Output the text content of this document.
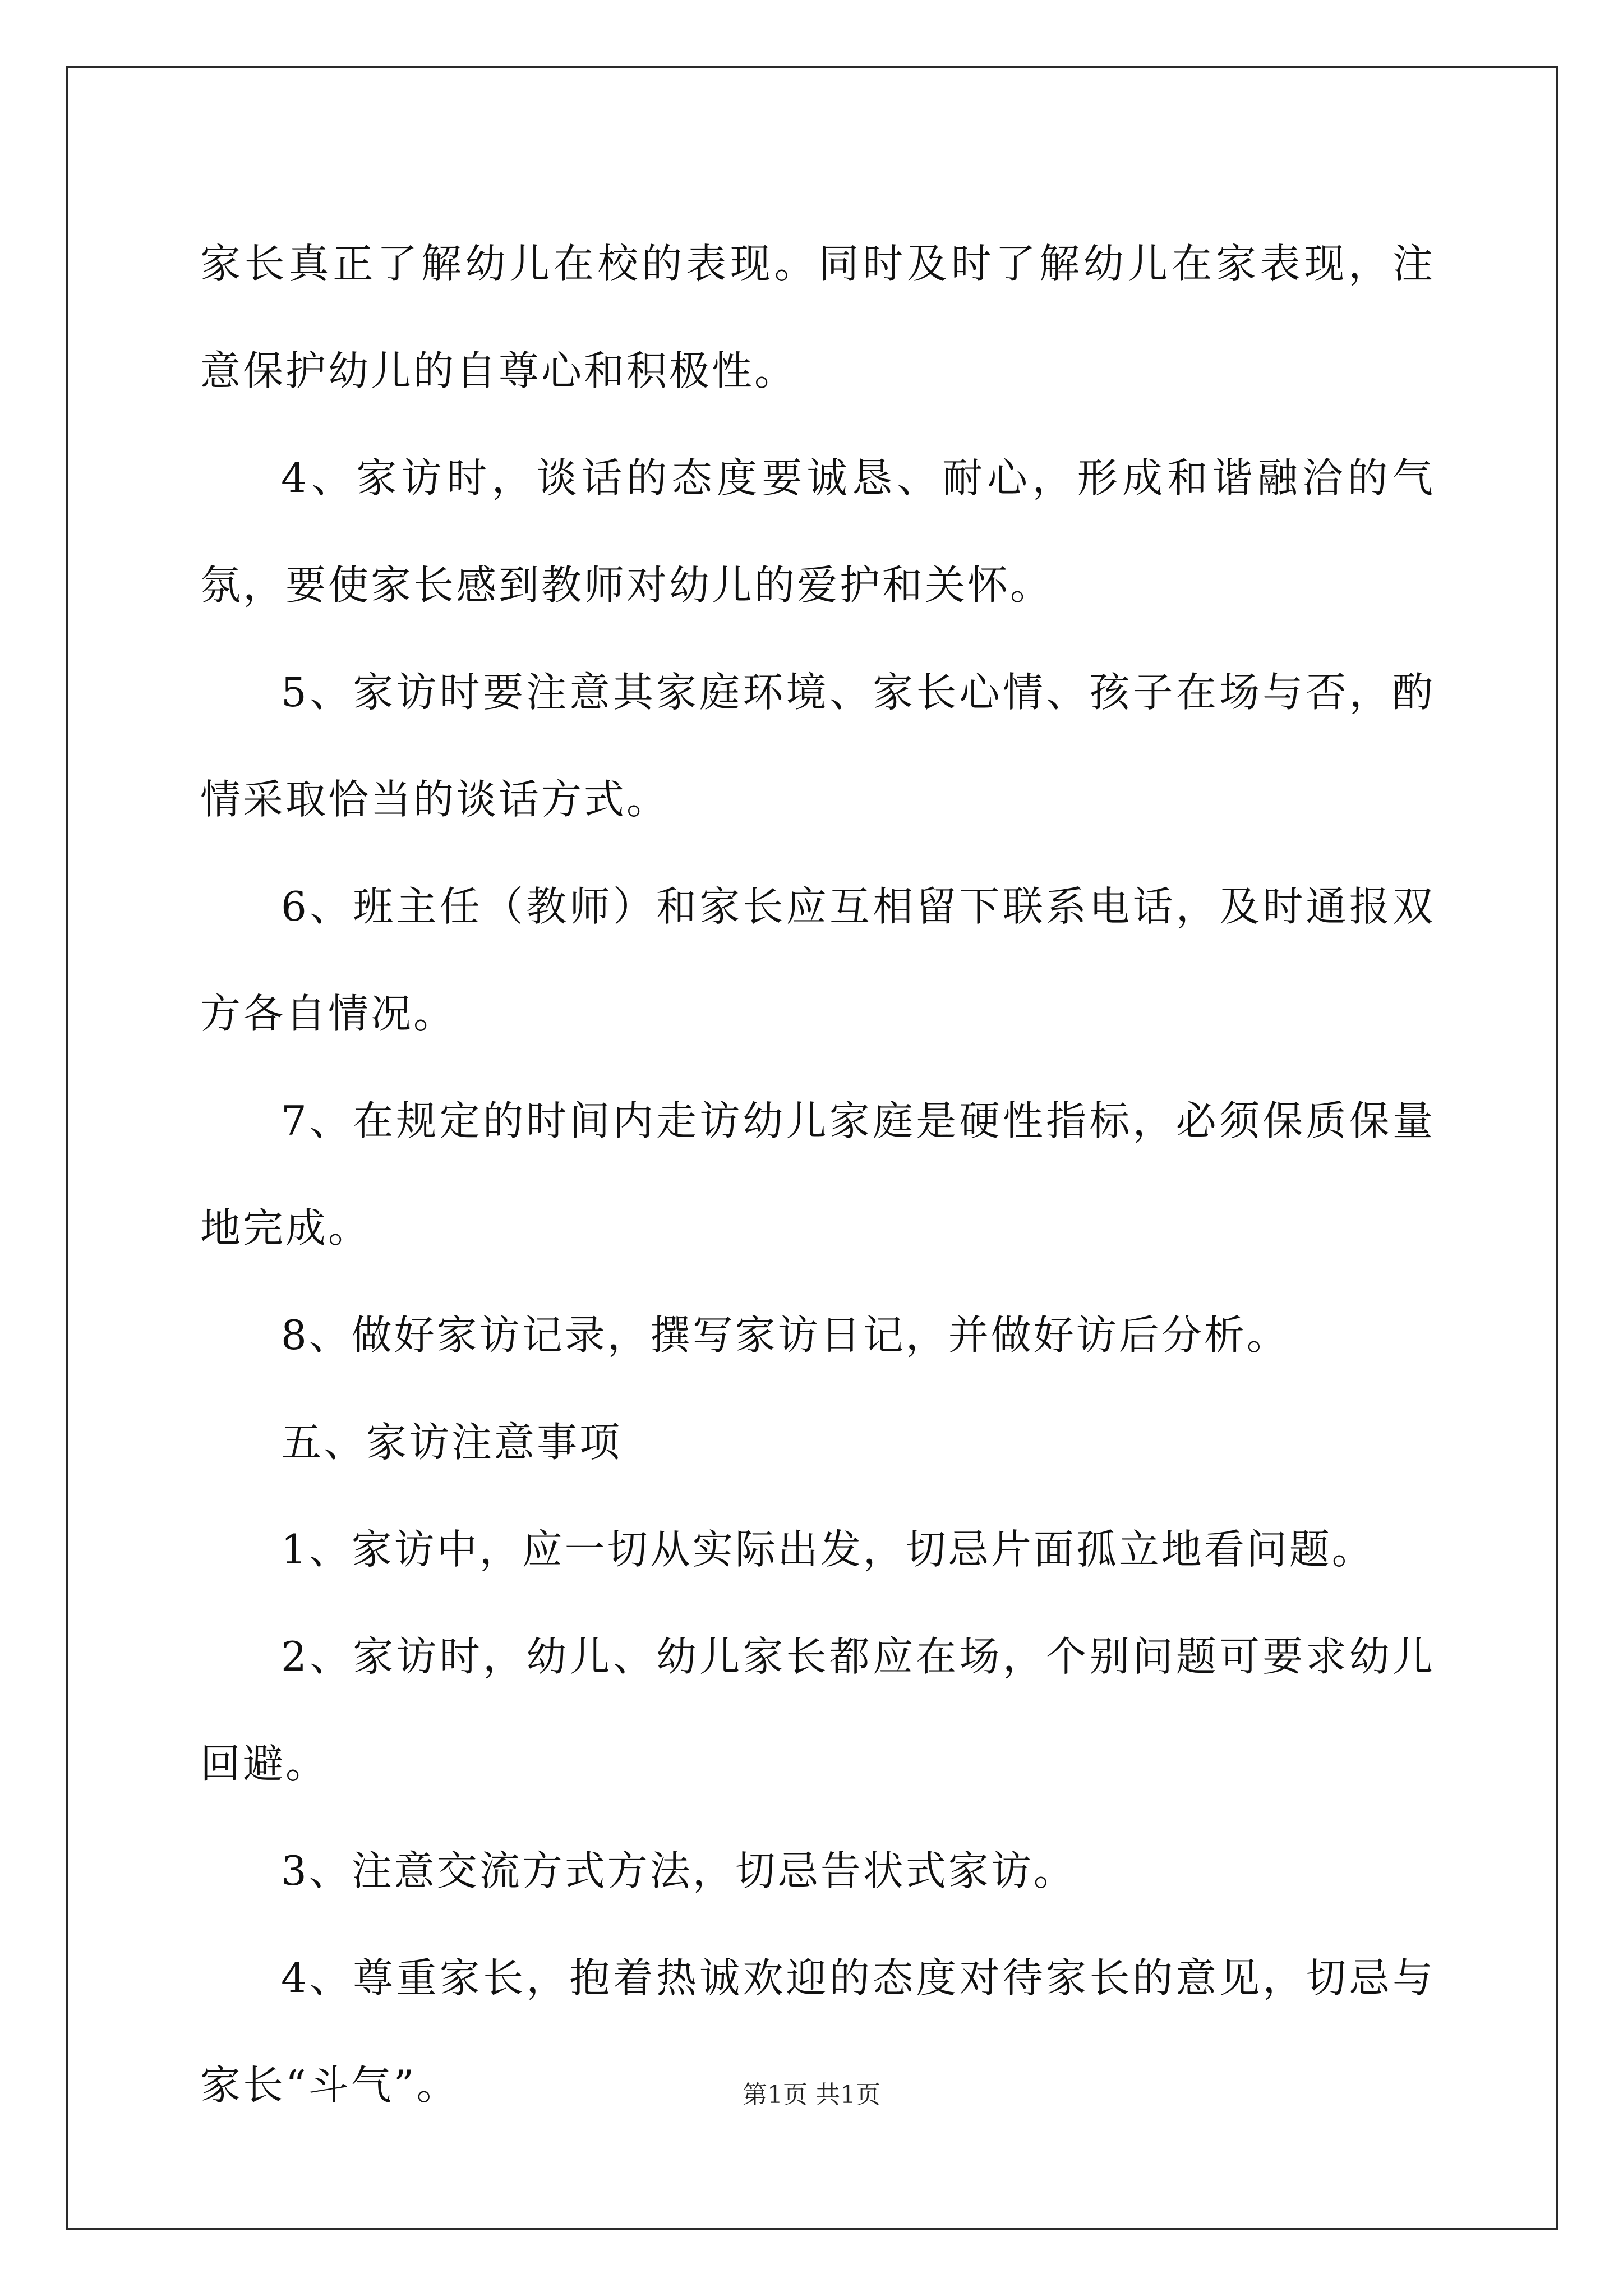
家长真正了解幼儿在校的表现。同时及时了解幼儿在家表现，注意保护幼儿的自尊心和积极性。

4、家访时，谈话的态度要诚恳、耐心，形成和谐融洽的气氛，要使家长感到教师对幼儿的爱护和关怀。

5、家访时要注意其家庭环境、家长心情、孩子在场与否，酌情采取恰当的谈话方式。

6、班主任（教师）和家长应互相留下联系电话，及时通报双方各自情况。

7、在规定的时间内走访幼儿家庭是硬性指标，必须保质保量地完成。

8、做好家访记录，撰写家访日记，并做好访后分析。

五、家访注意事项

1、家访中，应一切从实际出发，切忌片面孤立地看问题。

2、家访时，幼儿、幼儿家长都应在场，个别问题可要求幼儿回避。

3、注意交流方式方法，切忌告状式家访。

4、尊重家长，抱着热诚欢迎的态度对待家长的意见，切忌与家长“斗气”。	第1页 共1页
